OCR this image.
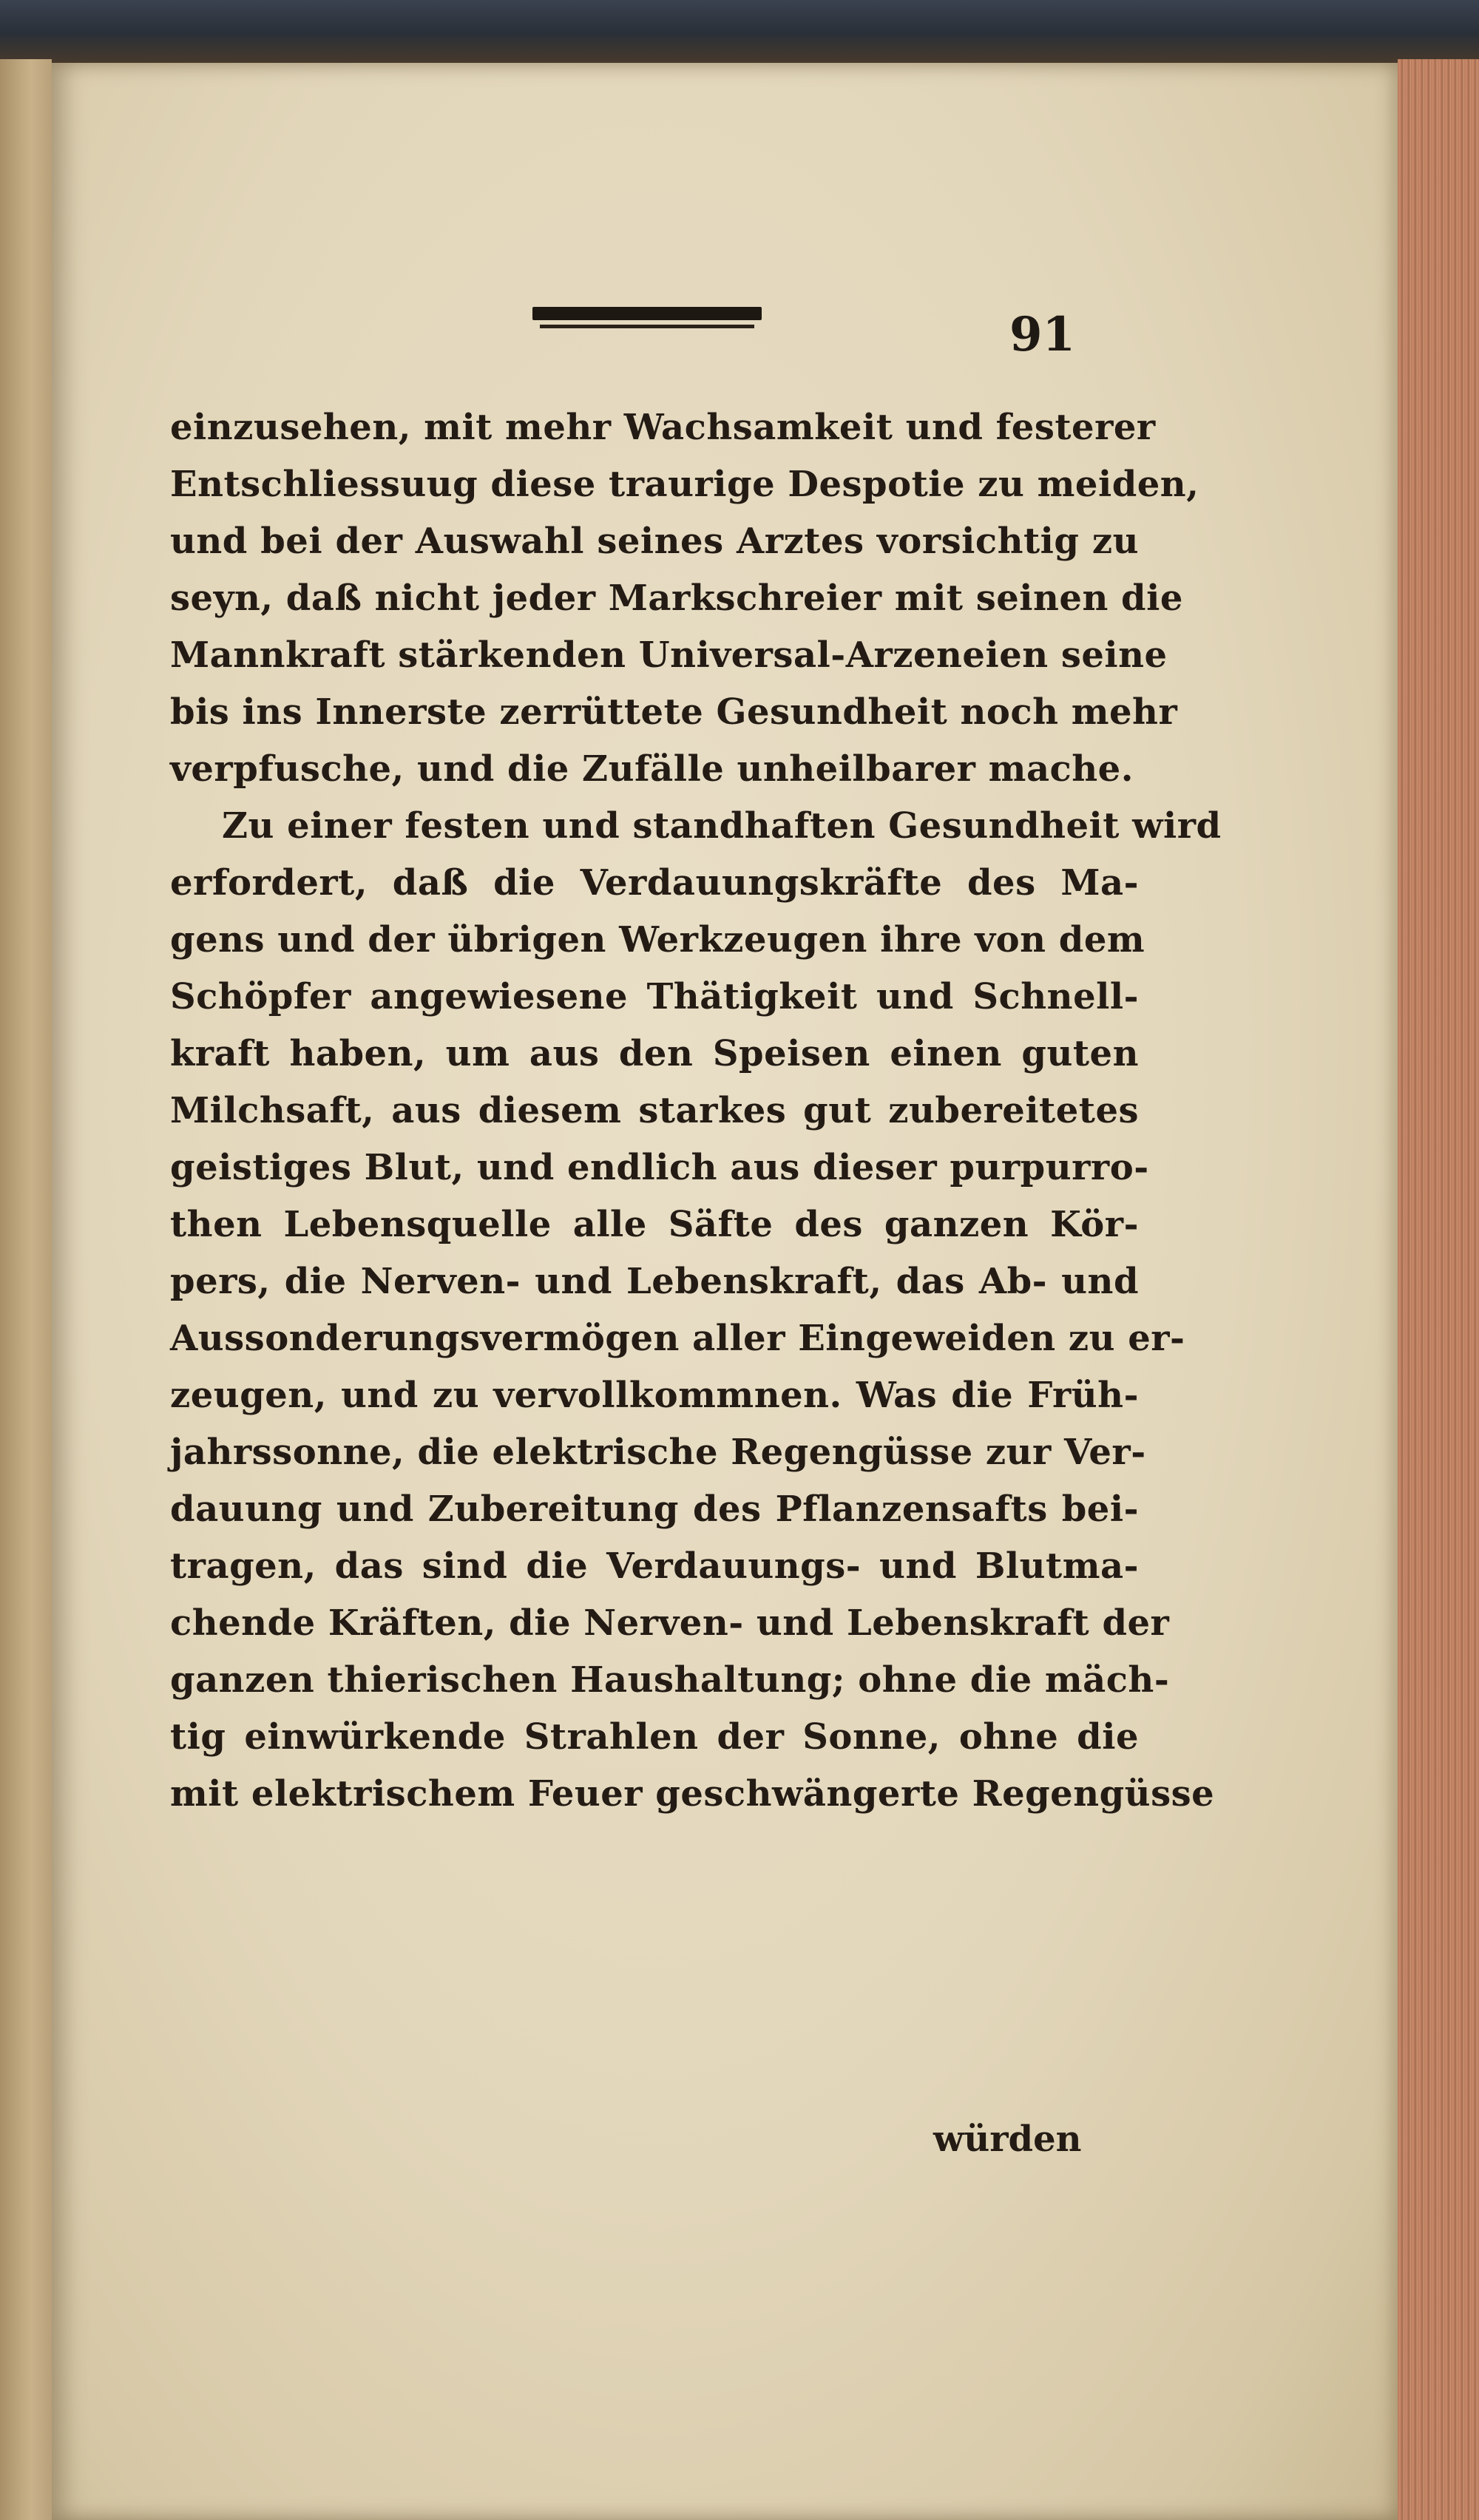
91
einzusehen, mit mehr Wachsamkeit und festerer
Entschliessuug diese traurige Despotie zu meiden,
und bei der Auswahl seines Arztes vorsichtig zu
seyn, daß nicht jeder Markschreier mit seinen die
Mannkraft stärkenden Universal-Arzeneien seine
bis ins Innerste zerrüttete Gesundheit noch mehr
verpfusche, und die Zufälle unheilbarer mache.
Zu einer festen und standhaften Gesundheit wird
erfordert, daß die Verdauungskräfte des Ma-
gens und der übrigen Werkzeugen ihre von dem
Schöpfer angewiesene Thätigkeit und Schnell-
kraft haben, um aus den Speisen einen guten
Milchsaft, aus diesem starkes gut zubereitetes
geistiges Blut, und endlich aus dieser purpurro-
then Lebensquelle alle Säfte des ganzen Kör-
pers, die Nerven- und Lebenskraft, das Ab- und
Aussonderungsvermögen aller Eingeweiden zu er-
zeugen, und zu vervollkommnen. Was die Früh-
jahrssonne, die elektrische Regengüsse zur Ver-
dauung und Zubereitung des Pflanzensafts bei-
tragen, das sind die Verdauungs- und Blutma-
chende Kräften, die Nerven- und Lebenskraft der
ganzen thierischen Haushaltung; ohne die mäch-
tig einwürkende Strahlen der Sonne, ohne die
mit elektrischem Feuer geschwängerte Regengüsse
würden
